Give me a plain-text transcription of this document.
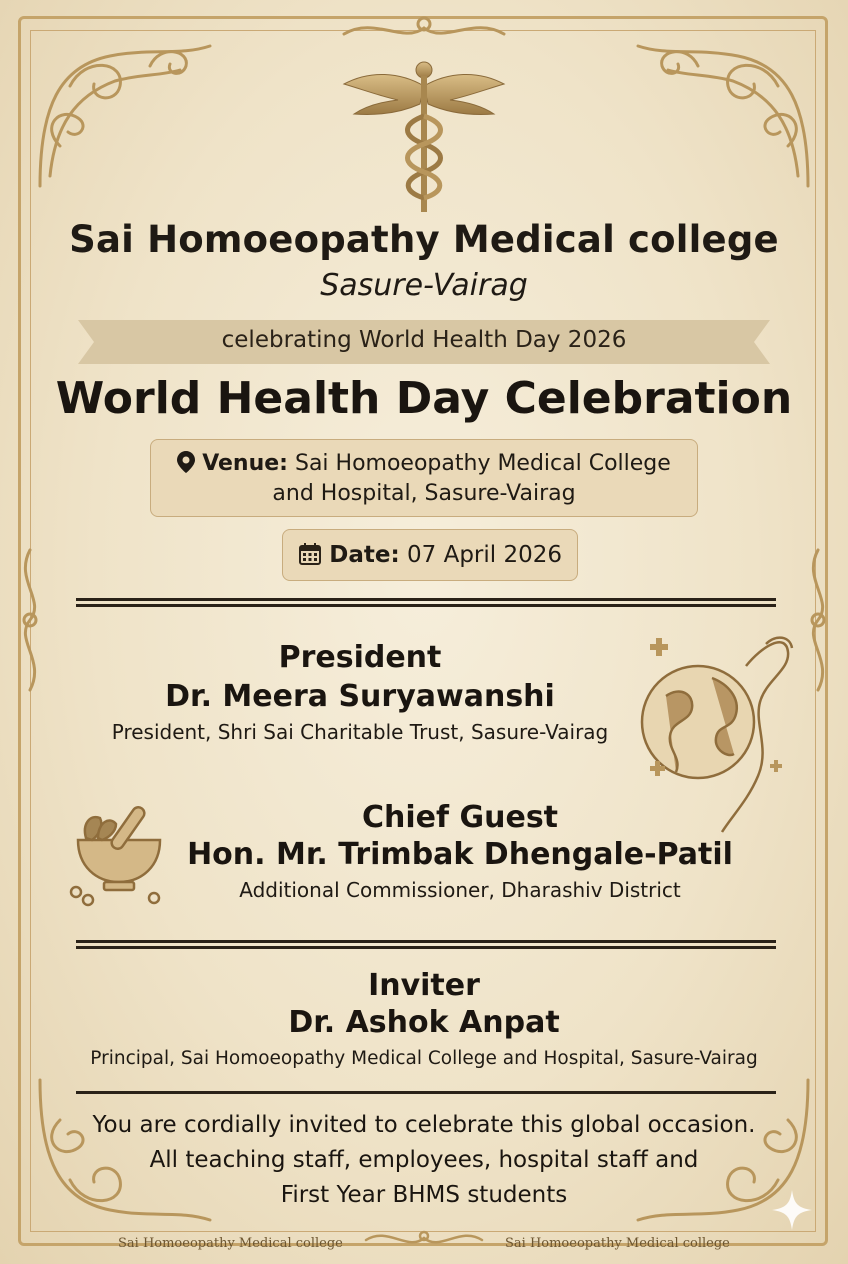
Sai Homoeopathy Medical college
Sasure-Vairag
celebrating World Health Day 2026
World Health Day Celebration
Venue: Sai Homoeopathy Medical College
and Hospital, Sasure-Vairag
Date: 07 April 2026
President
Dr. Meera Suryawanshi
President, Shri Sai Charitable Trust, Sasure-Vairag
Chief Guest
Hon. Mr. Trimbak Dhengale-Patil
Additional Commissioner, Dharashiv District
Inviter
Dr. Ashok Anpat
Principal, Sai Homoeopathy Medical College and Hospital, Sasure-Vairag
You are cordially invited to celebrate this global occasion.
All teaching staff, employees, hospital staff and
First Year BHMS students
Sai Homoeopathy Medical college	Sai Homoeopathy Medical college
